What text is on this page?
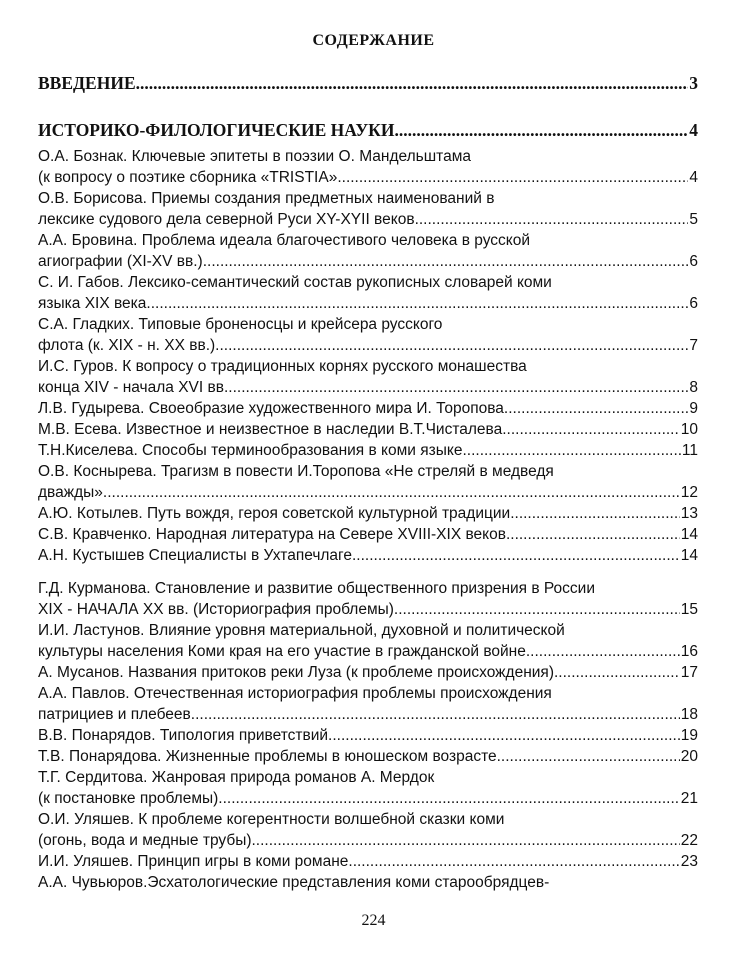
СОДЕРЖАНИЕ
ВВЕДЕНИЕ .....	3
ИСТОРИКО-ФИЛОЛОГИЧЕСКИЕ НАУКИ .....	4
О.А. Бознак. Ключевые эпитеты в поэзии О. Мандельштама
(к вопросу о поэтике сборника «TRISTIA» .....	4
О.В. Борисова. Приемы создания предметных наименований в
лексике судового дела северной Руси XY-XYII веков .....	5
А.А. Бровина. Проблема идеала благочестивого человека в русской
агиографии (XI-XV вв.) .....	6
С. И. Габов. Лексико-семантический состав рукописных словарей коми
языка XIX века .....	6
С.А. Гладких. Типовые броненосцы и крейсера русского
флота (к. XIX - н. XX вв.) .....	7
И.С. Гуров. К вопросу о традиционных корнях русского монашества
конца XIV - начала XVI вв .....	8
Л.В. Гудырева. Своеобразие художественного мира И. Торопова .....	9
М.В. Есева. Известное и неизвестное в наследии В.Т.Чисталева .....	10
Т.Н.Киселева. Способы терминообразования в коми языке .....	11
О.В. Коснырева. Трагизм в повести И.Торопова «Не стреляй в медведя
дважды» .....	12
А.Ю. Котылев. Путь вождя, героя советской культурной традиции .....	13
С.В. Кравченко. Народная литература на Севере XVIII-XIX веков .....	14
А.Н. Кустышев Специалисты в Ухтапечлаге .....	14
Г.Д. Курманова. Становление и развитие общественного призрения в России
XIX - НАЧАЛА XX вв. (Историография проблемы) .....	15
И.И. Ластунов. Влияние уровня материальной, духовной и политической
культуры населения Коми края на его участие в гражданской войне .....	16
А. Мусанов. Названия притоков реки Луза (к проблеме происхождения) .....	17
А.А. Павлов. Отечественная историография проблемы происхождения
патрициев и плебеев .....	18
В.В. Понарядов. Типология приветствий .....	19
Т.В. Понарядова. Жизненные проблемы в юношеском возрасте .....	20
Т.Г. Сердитова. Жанровая природа романов А. Мердок
(к постановке проблемы) .....	21
О.И. Уляшев. К проблеме когерентности волшебной сказки коми
(огонь, вода и медные трубы) .....	22
И.И. Уляшев. Принцип игры в коми романе .....	23
А.А. Чувьюров.Эсхатологические представления коми старообрядцев-
224
